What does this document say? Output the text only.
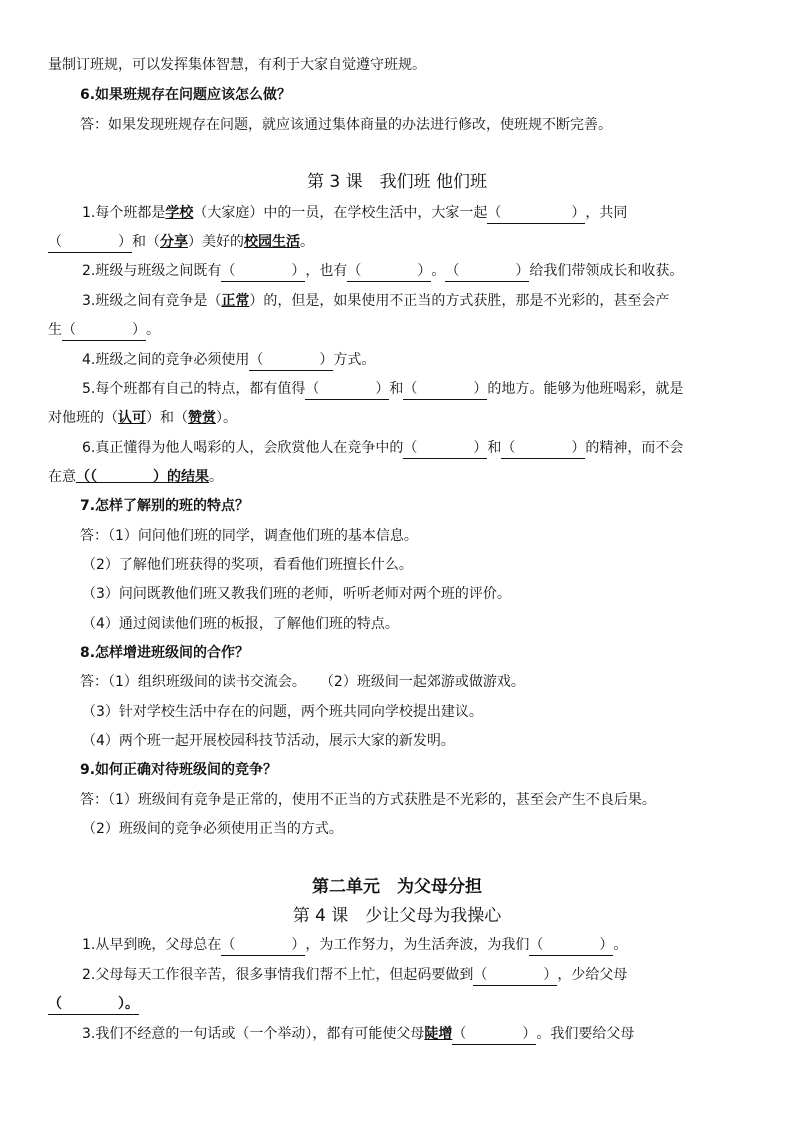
量制订班规，可以发挥集体智慧，有利于大家自觉遵守班规。
6.如果班规存在问题应该怎么做？
答：如果发现班规存在问题，就应该通过集体商量的办法进行修改，使班规不断完善。
第 3 课　我们班 他们班
1.每个班都是学校（大家庭）中的一员，在学校生活中，大家一起（　　　　　），共同
（　　　　）和（分享）美好的校园生活。
2.班级与班级之间既有（　　　　），也有（　　　　）。（　　　　）给我们带领成长和收获。
3.班级之间有竞争是（正常）的，但是，如果使用不正当的方式获胜，那是不光彩的，甚至会产
生（　　　　）。
4.班级之间的竞争必须使用（　　　　）方式。
5.每个班都有自己的特点，都有值得（　　　　）和（　　　　）的地方。能够为他班喝彩，就是
对他班的（认可）和（赞赏）。
6.真正懂得为他人喝彩的人，会欣赏他人在竞争中的（　　　　）和（　　　　）的精神，而不会
在意（（　　　　）的结果。
7.怎样了解别的班的特点？
答：（1）问问他们班的同学，调查他们班的基本信息。
（2）了解他们班获得的奖项，看看他们班擅长什么。
（3）问问既教他们班又教我们班的老师，听听老师对两个班的评价。
（4）通过阅读他们班的板报，了解他们班的特点。
8.怎样增进班级间的合作？
答：（1）组织班级间的读书交流会。　　（2）班级间一起郊游或做游戏。
（3）针对学校生活中存在的问题，两个班共同向学校提出建议。
（4）两个班一起开展校园科技节活动，展示大家的新发明。
9.如何正确对待班级间的竞争？
答：（1）班级间有竞争是正常的，使用不正当的方式获胜是不光彩的，甚至会产生不良后果。
（2）班级间的竞争必须使用正当的方式。
第二单元　为父母分担
第 4 课　少让父母为我操心
1.从早到晚，父母总在（　　　　），为工作努力，为生活奔波，为我们（　　　　）。
2.父母每天工作很辛苦，很多事情我们帮不上忙，但起码要做到（　　　　），少给父母
（　　　　）。
3.我们不经意的一句话或（一个举动），都有可能使父母陡增（　　　　）。我们要给父母
